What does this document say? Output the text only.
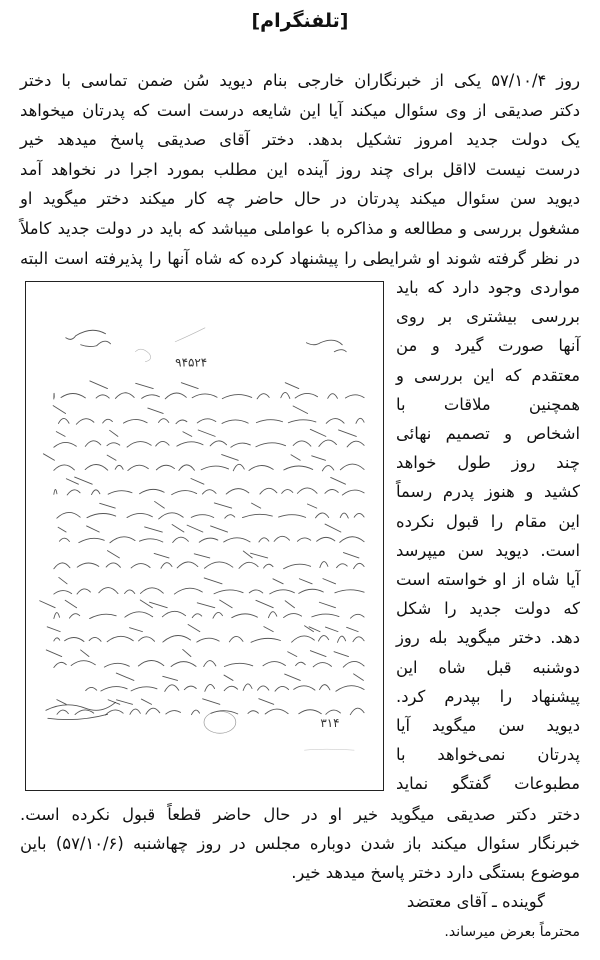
[تلفنگرام]
روز ۵۷/۱۰/۴ یکی از خبرنگاران خارجی بنام دیوید سُن ضمن تماسی با دختر
دکتر صدیقی از وی سئوال میکند آیا این شایعه درست است که پدرتان میخواهد
یک دولت جدید امروز تشکیل بدهد. دختر آقای صدیقی پاسخ میدهد خیر
درست نیست لااقل برای چند روز آینده این مطلب بمورد اجرا در نخواهد آمد
دیوید سن سئوال میکند پدرتان در حال حاضر چه کار میکند دختر میگوید او
مشغول بررسی و مطالعه و مذاکره با عواملی میباشد که باید در دولت جدید کاملاً
در نظر گرفته شوند او شرایطی را پیشنهاد کرده که شاه آنها را پذیرفته است البته
مواردی وجود دارد که باید
بررسی بیشتری بر روی
آنها صورت گیرد و من
معتقدم که این بررسی و
همچنین ملاقات با
اشخاص و تصمیم نهائی
چند روز طول خواهد
کشید و هنوز پدرم رسماً
این مقام را قبول نکرده
است. دیوید سن میپرسد
آیا شاه از او خواسته است
که دولت جدید را شکل
دهد. دختر میگوید بله روز
دوشنبه قبل شاه این
پیشنهاد را بپدرم کرد.
دیوید سن میگوید آیا
پدرتان نمی‌خواهد با
مطبوعات گفتگو نماید
دختر دکتر صدیقی میگوید خیر او در حال حاضر قطعاً قبول نکرده است.
خبرنگار سئوال میکند باز شدن دوباره مجلس در روز چهاشنبه (۵۷/۱۰/۶) باین
موضوع بستگی دارد دختر پاسخ میدهد خیر.
گوینده ـ آقای معتضد
محترماً بعرض میرساند.
۹۴۵۲۴
۳۱۴
